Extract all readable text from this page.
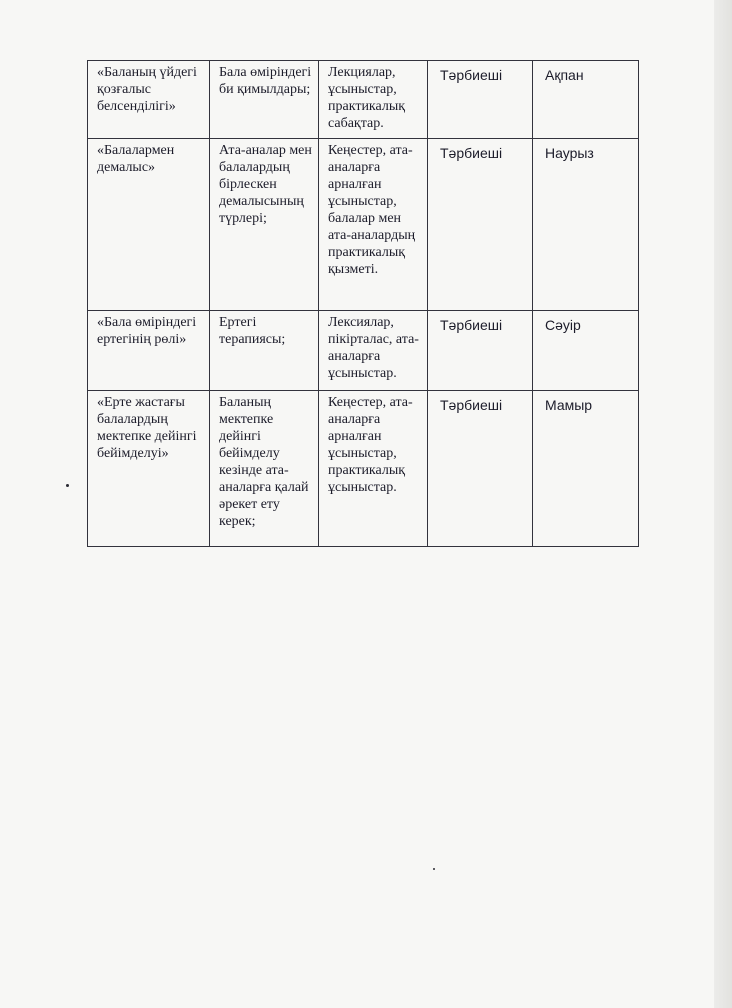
«Баланың үйдегі қозғалыс белсенділігі»	Бала өміріндегі би қимылдары;	Лекциялар, ұсыныстар, практикалық сабақтар.	Тәрбиеші	Ақпан
«Балалармен демалыс»	Ата-аналар мен балалардың бірлескен демалысының түрлері;	Кеңестер, ата-аналарға арналған ұсыныстар, балалар мен ата-аналардың практикалық қызметі.	Тәрбиеші	Наурыз
«Бала өміріндегі ертегінің рөлі»	Ертегі терапиясы;	Лексиялар, пікірталас, ата-аналарға ұсыныстар.	Тәрбиеші	Сәуір
«Ерте жастағы балалардың мектепке дейінгі бейімделуі»	Баланың мектепке дейінгі бейімделу кезінде ата-аналарға қалай әрекет ету керек;	Кеңестер, ата-аналарға арналған ұсыныстар, практикалық ұсыныстар.	Тәрбиеші	Мамыр
